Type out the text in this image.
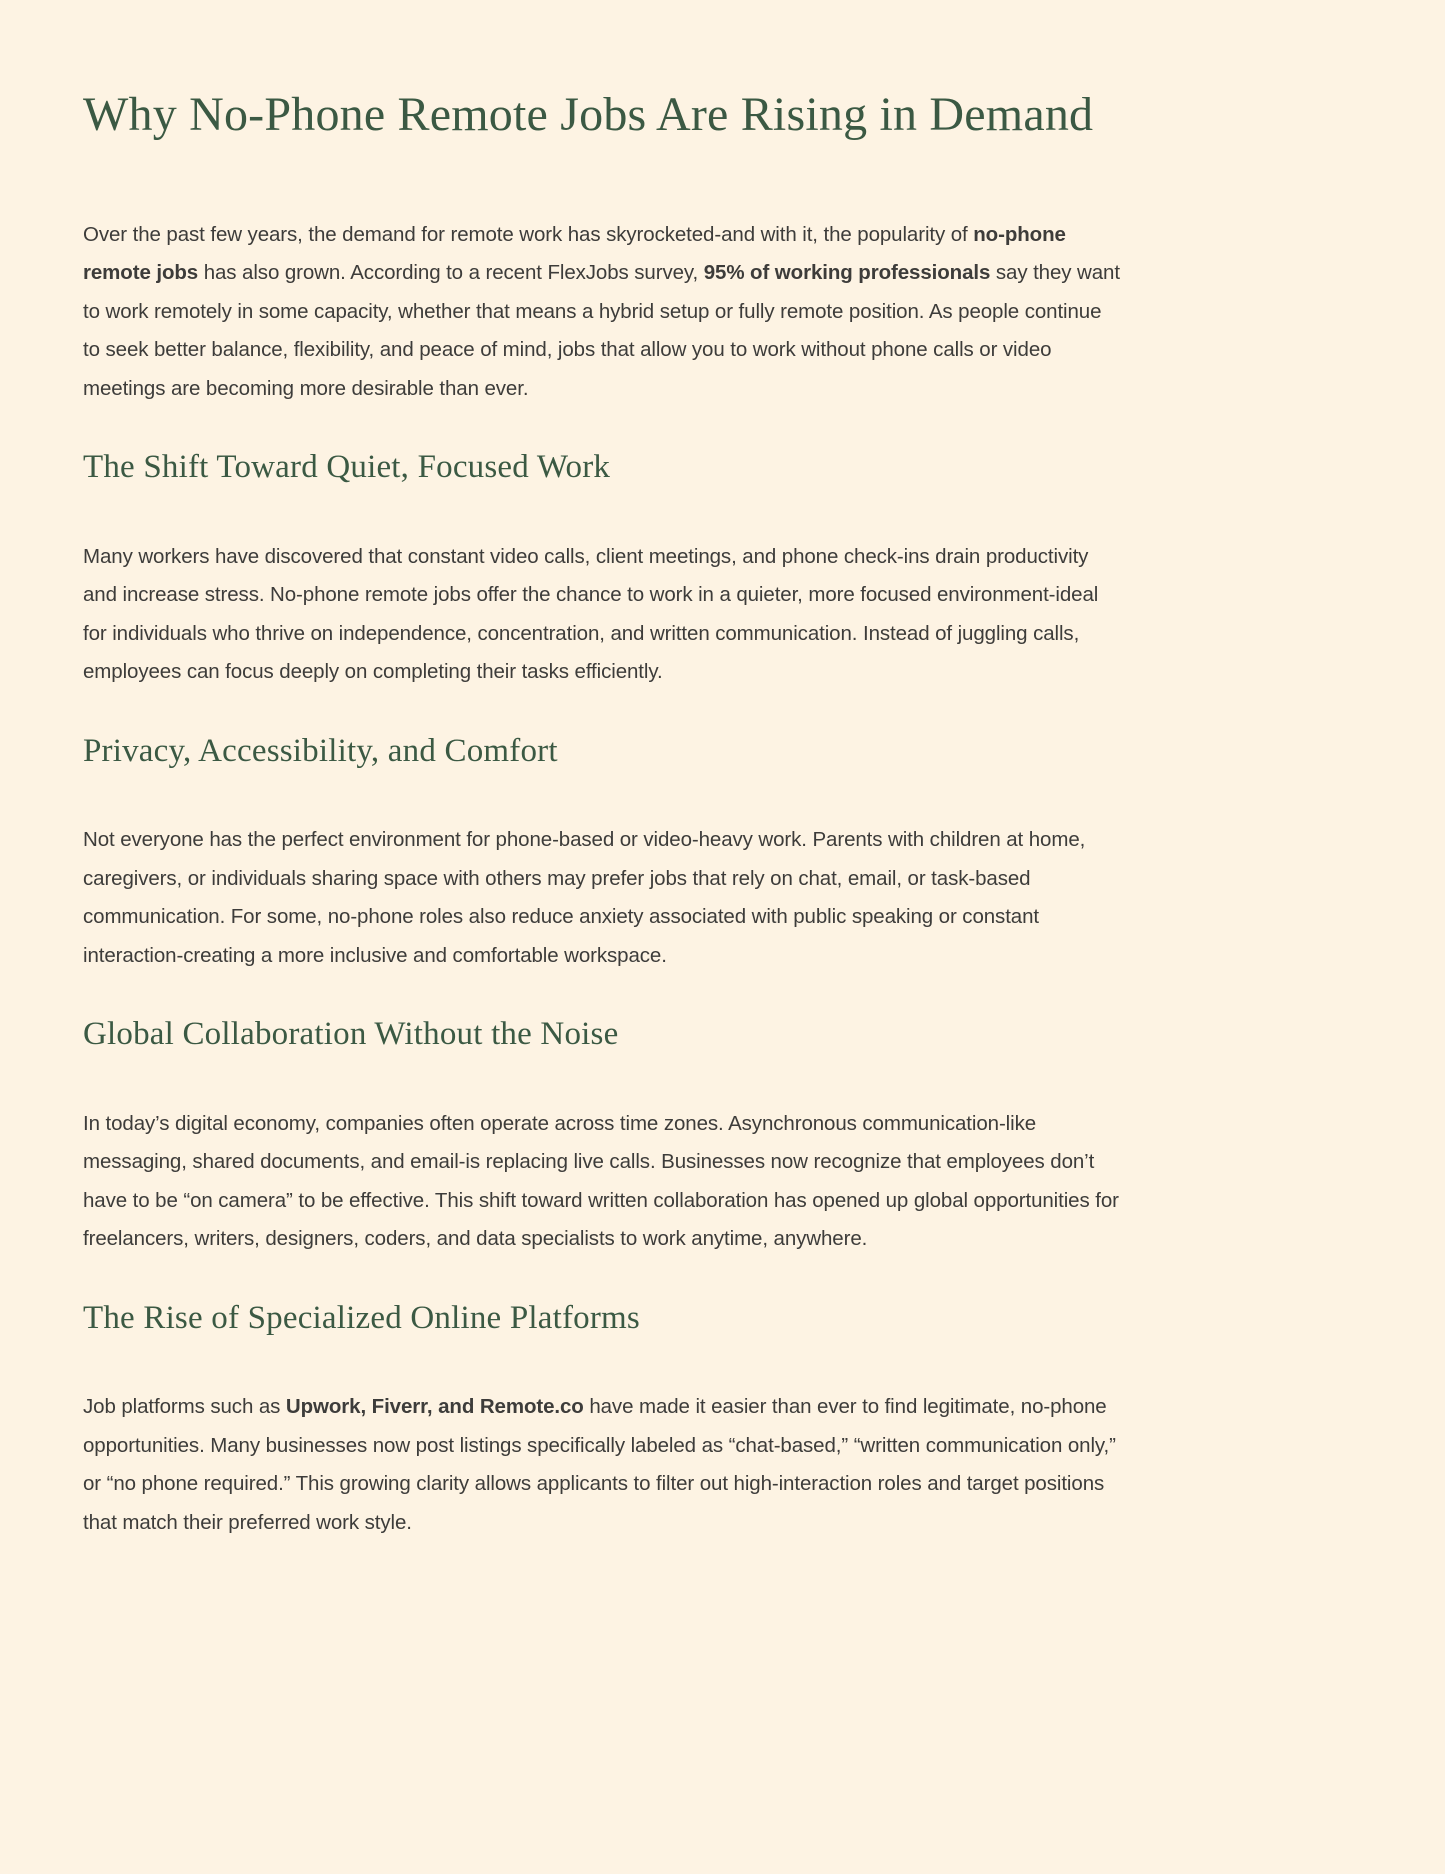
Why No-Phone Remote Jobs Are Rising in Demand

Over the past few years, the demand for remote work has skyrocketed-and with it, the popularity of no-phone remote jobs has also grown. According to a recent FlexJobs survey, 95% of working professionals say they want to work remotely in some capacity, whether that means a hybrid setup or fully remote position. As people continue to seek better balance, flexibility, and peace of mind, jobs that allow you to work without phone calls or video meetings are becoming more desirable than ever.

The Shift Toward Quiet, Focused Work

Many workers have discovered that constant video calls, client meetings, and phone check-ins drain productivity and increase stress. No-phone remote jobs offer the chance to work in a quieter, more focused environment-ideal for individuals who thrive on independence, concentration, and written communication. Instead of juggling calls, employees can focus deeply on completing their tasks efficiently.

Privacy, Accessibility, and Comfort

Not everyone has the perfect environment for phone-based or video-heavy work. Parents with children at home, caregivers, or individuals sharing space with others may prefer jobs that rely on chat, email, or task-based communication. For some, no-phone roles also reduce anxiety associated with public speaking or constant interaction-creating a more inclusive and comfortable workspace.

Global Collaboration Without the Noise

In today’s digital economy, companies often operate across time zones. Asynchronous communication-like messaging, shared documents, and email-is replacing live calls. Businesses now recognize that employees don’t have to be “on camera” to be effective. This shift toward written collaboration has opened up global opportunities for freelancers, writers, designers, coders, and data specialists to work anytime, anywhere.

The Rise of Specialized Online Platforms

Job platforms such as Upwork, Fiverr, and Remote.co have made it easier than ever to find legitimate, no-phone opportunities. Many businesses now post listings specifically labeled as “chat-based,” “written communication only,” or “no phone required.” This growing clarity allows applicants to filter out high-interaction roles and target positions that match their preferred work style.
